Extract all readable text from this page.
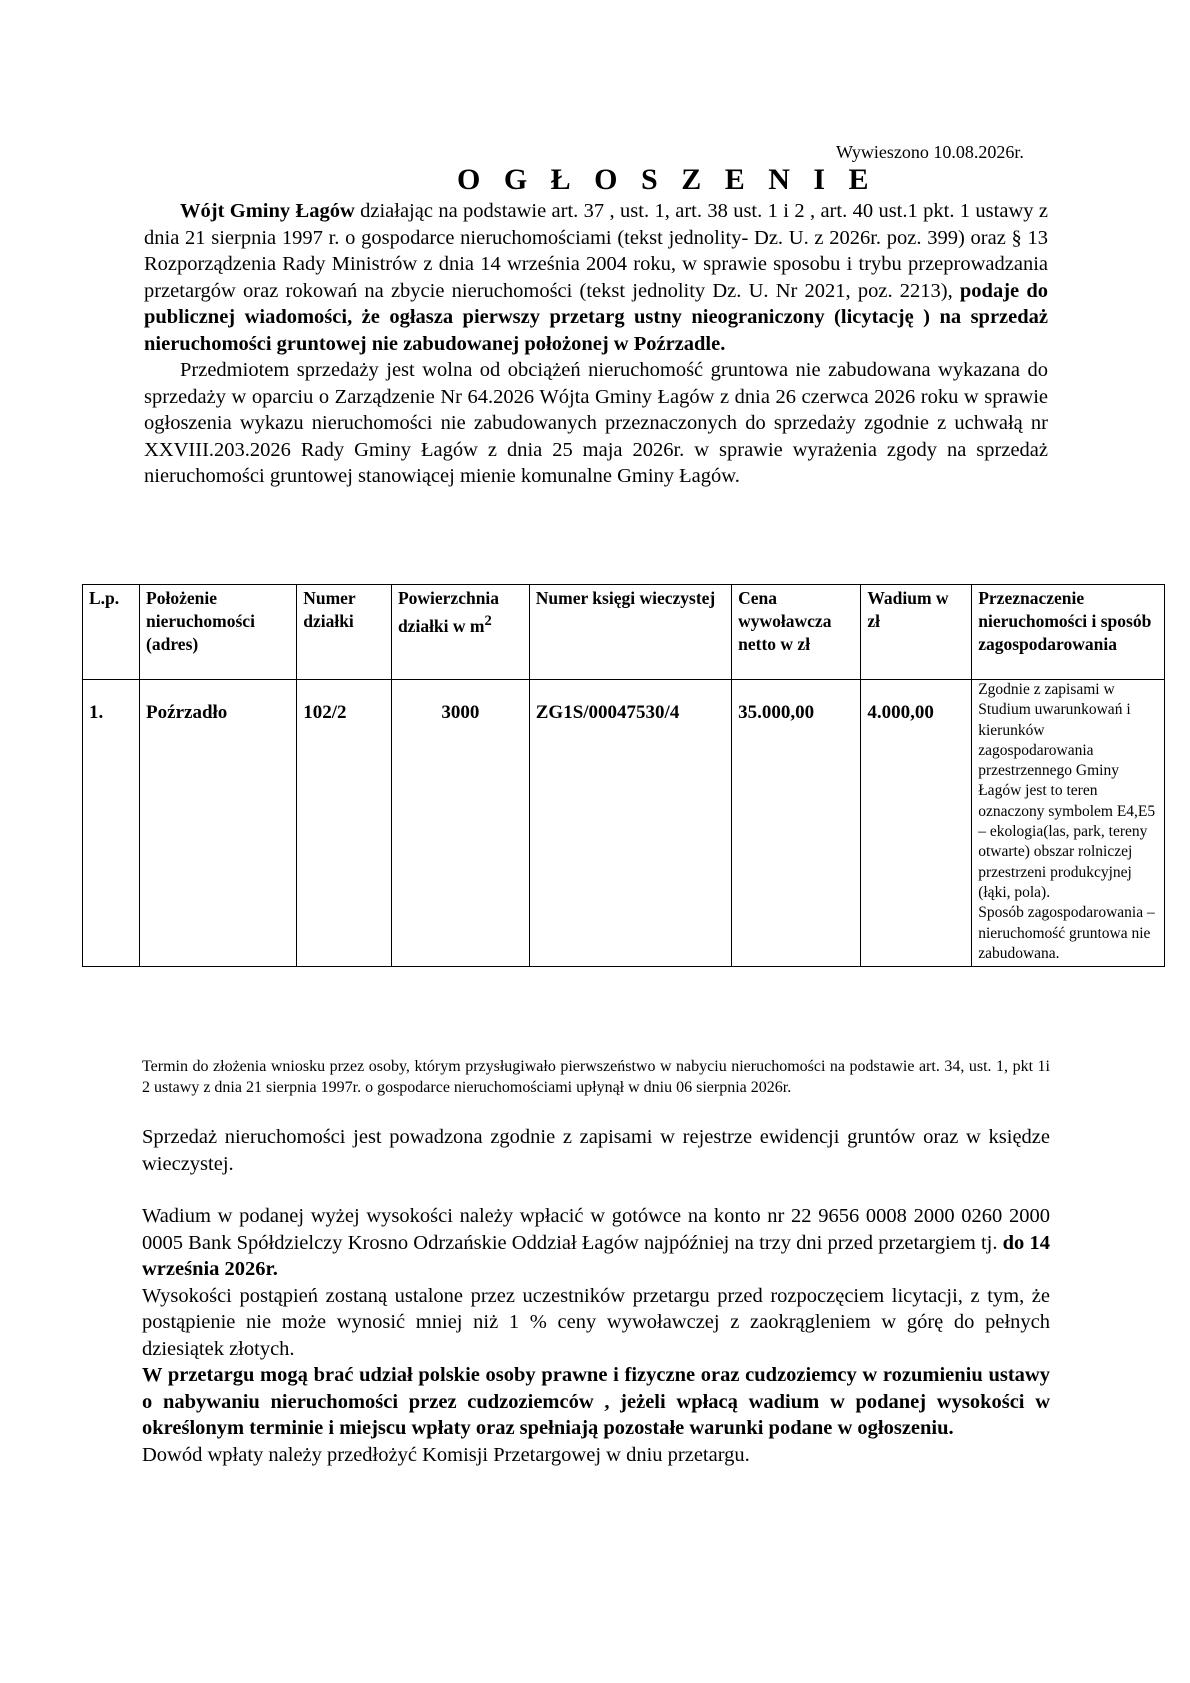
Wywieszono 10.08.2026r.
O G Ł O S Z E N I E

Wójt Gminy Łagów działając na podstawie art. 37 , ust. 1, art. 38 ust. 1 i 2 , art. 40 ust.1 pkt. 1 ustawy z dnia 21 sierpnia 1997 r. o gospodarce nieruchomościami (tekst jednolity- Dz. U. z 2026r. poz. 399) oraz § 13 Rozporządzenia Rady Ministrów z dnia 14 września 2004 roku, w sprawie sposobu i trybu przeprowadzania przetargów oraz rokowań na zbycie nieruchomości (tekst jednolity Dz. U. Nr 2021, poz. 2213), podaje do publicznej wiadomości, że ogłasza pierwszy przetarg ustny nieograniczony (licytację ) na sprzedaż nieruchomości gruntowej nie zabudowanej położonej w Poźrzadle.

Przedmiotem sprzedaży jest wolna od obciążeń nieruchomość gruntowa nie zabudowana wykazana do sprzedaży w oparciu o Zarządzenie Nr 64.2026 Wójta Gminy Łagów z dnia 26 czerwca 2026 roku w sprawie ogłoszenia wykazu nieruchomości nie zabudowanych przeznaczonych do sprzedaży zgodnie z uchwałą nr XXVIII.203.2026 Rady Gminy Łagów z dnia 25 maja 2026r. w sprawie wyrażenia zgody na sprzedaż nieruchomości gruntowej stanowiącej mienie komunalne Gminy Łagów.

L.p.	Położenie nieruchomości (adres)	Numer działki	Powierzchnia działki w $m^2$	Numer księgi wieczystej	Cena wywoławcza netto w zł	Wadium w zł	Przeznaczenie nieruchomości i sposób zagospodarowania
1.	Poźrzadło	102/2	3000	ZG1S/00047530/4	35.000,00	4.000,00	Zgodnie z zapisami w Studium uwarunkowań i kierunków zagospodarowania przestrzennego Gminy Łagów jest to teren oznaczony symbolem E4,E5 – ekologia(las, park, tereny otwarte) obszar rolniczej przestrzeni produkcyjnej (łąki, pola).
Sposób zagospodarowania – nieruchomość gruntowa nie zabudowana.
Termin do złożenia wniosku przez osoby, którym przysługiwało pierwszeństwo w nabyciu nieruchomości na podstawie art. 34, ust. 1, pkt 1i 2 ustawy z dnia 21 sierpnia 1997r. o gospodarce nieruchomościami upłynął w dniu 06 sierpnia 2026r.

Sprzedaż nieruchomości jest powadzona zgodnie z zapisami w rejestrze ewidencji gruntów oraz w księdze wieczystej.

Wadium w podanej wyżej wysokości należy wpłacić w gotówce na konto nr 22 9656 0008 2000 0260 2000 0005 Bank Spółdzielczy Krosno Odrzańskie Oddział Łagów najpóźniej na trzy dni przed przetargiem tj. do 14 września 2026r.

Wysokości postąpień zostaną ustalone przez uczestników przetargu przed rozpoczęciem licytacji, z tym, że postąpienie nie może wynosić mniej niż 1 % ceny wywoławczej z zaokrągleniem w górę do pełnych dziesiątek złotych.

W przetargu mogą brać udział polskie osoby prawne i fizyczne oraz cudzoziemcy w rozumieniu ustawy o nabywaniu nieruchomości przez cudzoziemców , jeżeli wpłacą wadium w podanej wysokości w określonym terminie i miejscu wpłaty oraz spełniają pozostałe warunki podane w ogłoszeniu.

Dowód wpłaty należy przedłożyć Komisji Przetargowej w dniu przetargu.
